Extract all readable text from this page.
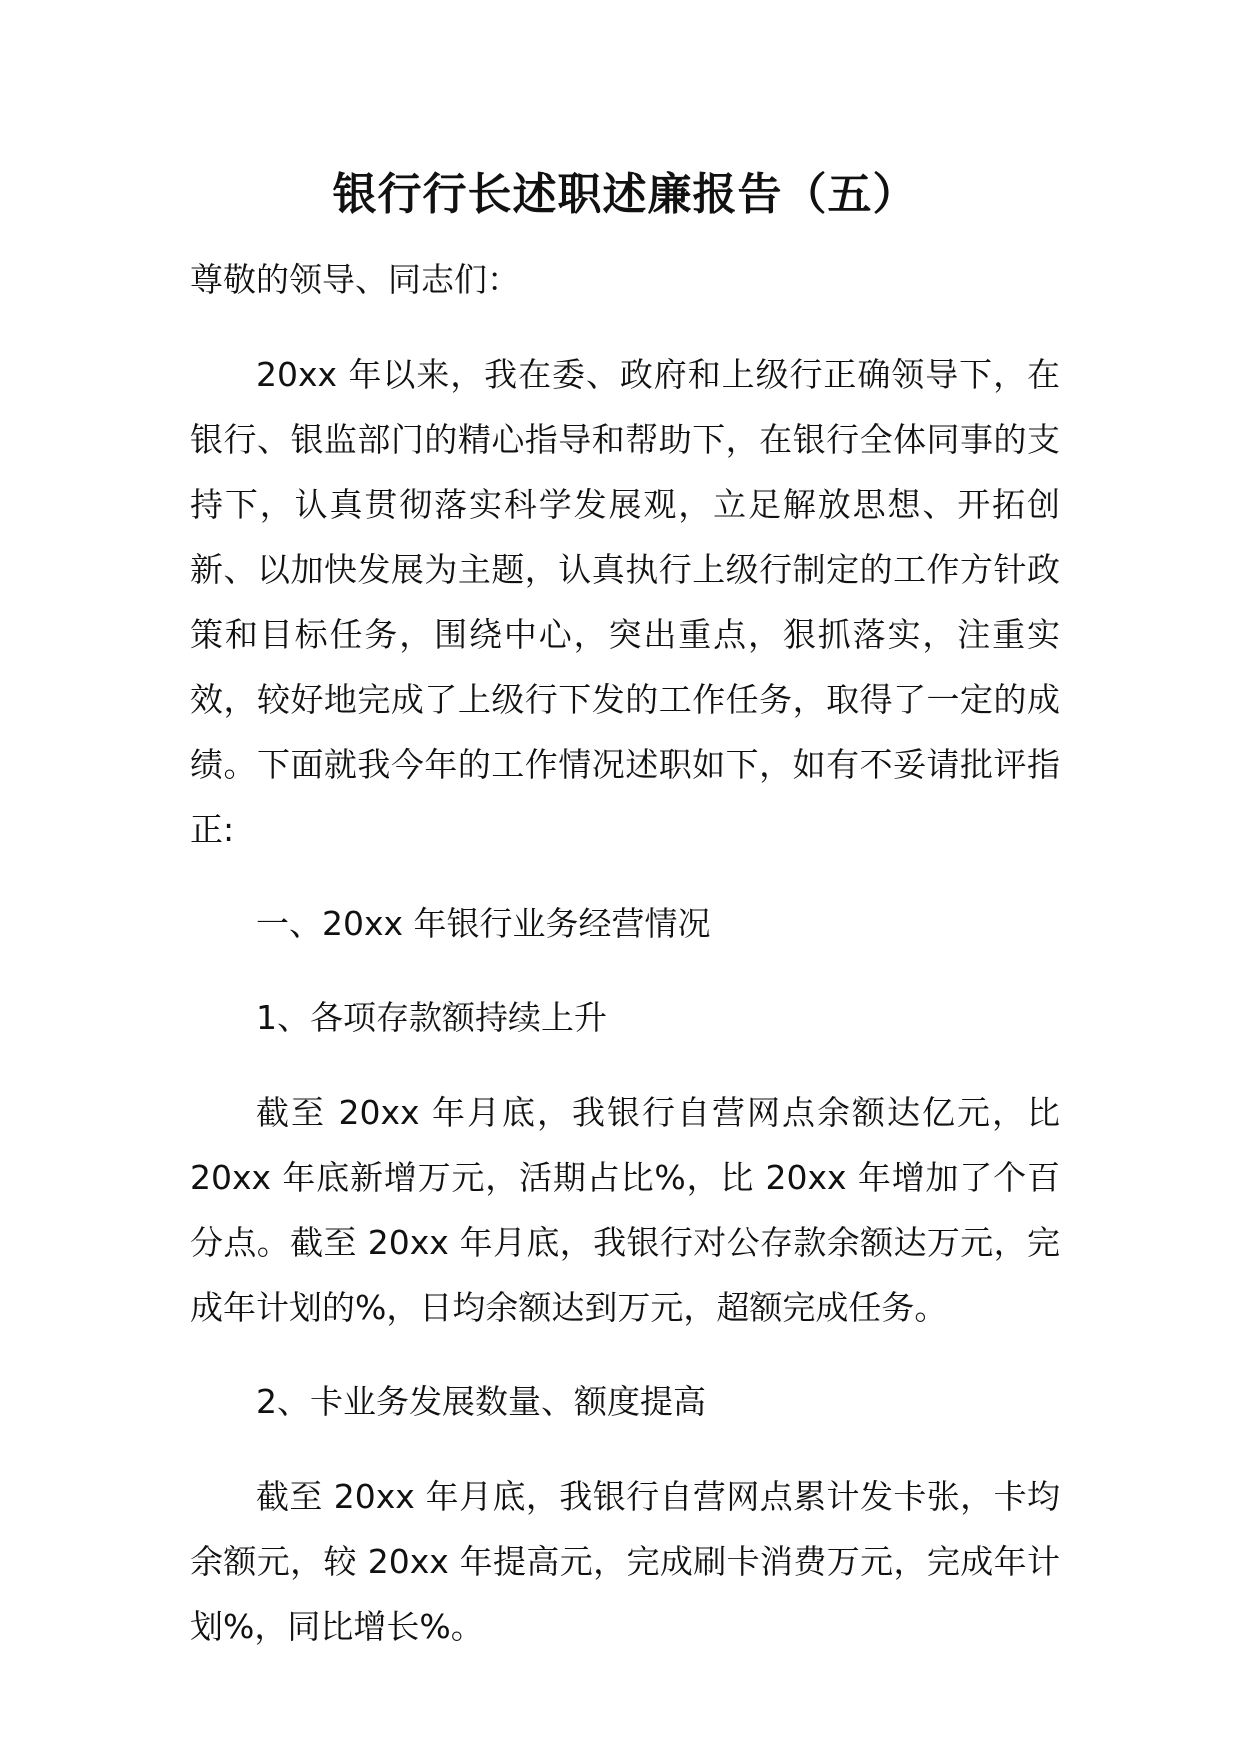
银行行长述职述廉报告（五）

尊敬的领导、同志们：

20xx 年以来，我在委、政府和上级行正确领导下，在银行、银监部门的精心指导和帮助下，在银行全体同事的支持下，认真贯彻落实科学发展观，立足解放思想、开拓创新、以加快发展为主题，认真执行上级行制定的工作方针政策和目标任务，围绕中心，突出重点，狠抓落实，注重实效，较好地完成了上级行下发的工作任务，取得了一定的成绩。下面就我今年的工作情况述职如下，如有不妥请批评指正:

一、20xx 年银行业务经营情况

1、各项存款额持续上升

截至 20xx 年月底，我银行自营网点余额达亿元，比 20xx 年底新增万元，活期占比%，比 20xx 年增加了个百分点。截至 20xx 年月底，我银行对公存款余额达万元，完成年计划的%，日均余额达到万元，超额完成任务。

2、卡业务发展数量、额度提高

截至 20xx 年月底，我银行自营网点累计发卡张，卡均余额元，较 20xx 年提高元，完成刷卡消费万元，完成年计划%，同比增长%。
